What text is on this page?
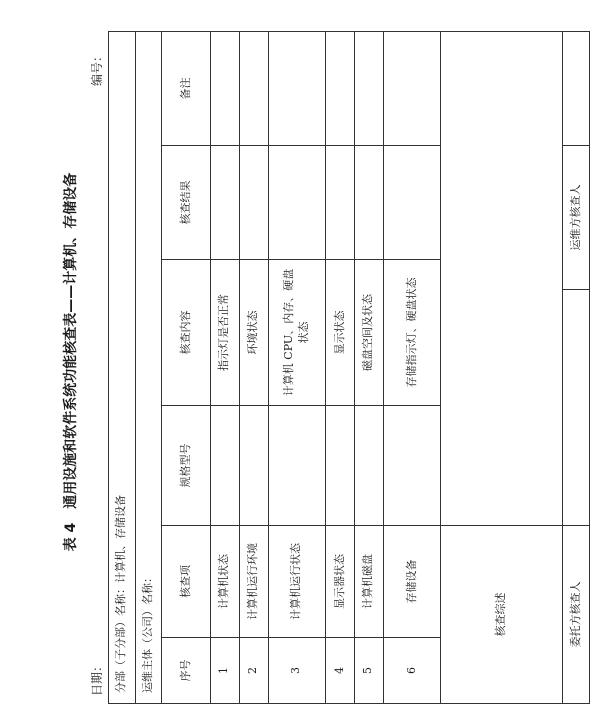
表 4通用设施和软件系统功能核查表——计算机、存储设备
日期：
编号：
分部（子分部）名称：计算机、存储设备						
运维主体（公司）名称：						
序号	核查项	规格型号	核查内容		核查结果	备注
1	计算机状态		指示灯是否正常			
2	计算机运行环境		环境状态			
3	计算机运行状态		计算机 CPU、内存、硬盘状态			
4	显示器状态		显示状态			
5	计算机磁盘		磁盘空间及状态			
6	存储设备		存储指示灯、硬盘状态			
核查综述						
委托方核查人				运维方核查人		
